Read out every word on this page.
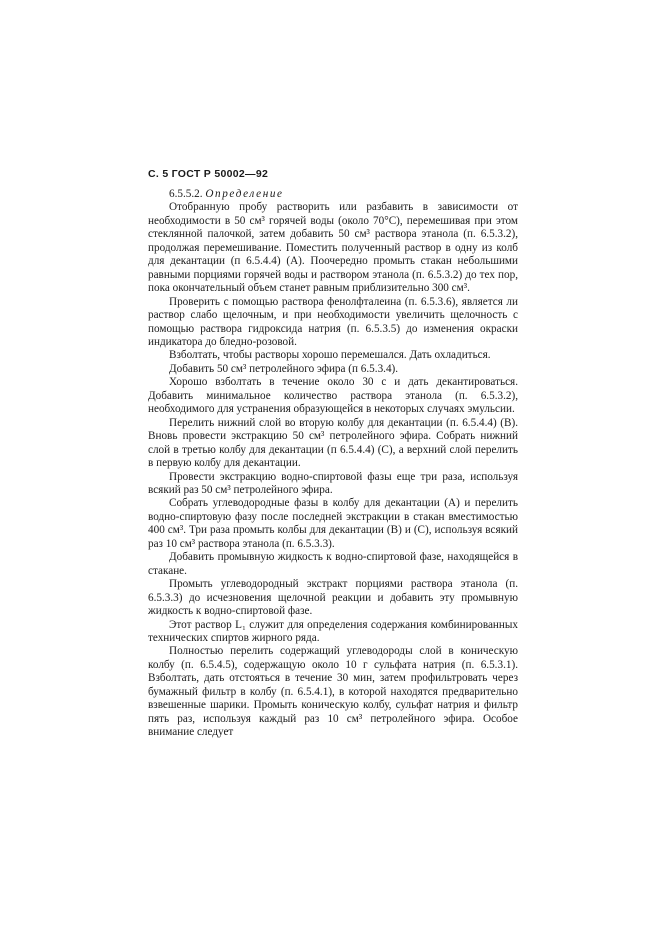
С. 5 ГОСТ Р 50002—92

6.5.5.2. Определение

Отобранную пробу растворить или разбавить в зависимости от необходимости в 50 см³ горячей воды (около 70°С), перемешивая при этом стеклянной палочкой, затем добавить 50 см³ раствора этанола (п. 6.5.3.2), продолжая перемешивание. Поместить полученный раствор в одну из колб для декантации (п 6.5.4.4) (А). Поочередно промыть стакан небольшими равными порциями горячей воды и раствором этанола (п. 6.5.3.2) до тех пор, пока окончательный объем станет равным приблизительно 300 см³.

Проверить с помощью раствора фенолфталеина (п. 6.5.3.6), является ли раствор слабо щелочным, и при необходимости увеличить щелочность с помощью раствора гидроксида натрия (п. 6.5.3.5) до изменения окраски индикатора до бледно-розовой.

Взболтать, чтобы растворы хорошо перемешался. Дать охладиться.

Добавить 50 см³ петролейного эфира (п 6.5.3.4).

Хорошо взболтать в течение около 30 с и дать декантироваться. Добавить минимальное количество раствора этанола (п. 6.5.3.2), необходимого для устранения образующейся в некоторых случаях эмульсии.

Перелить нижний слой во вторую колбу для декантации (п. 6.5.4.4) (В). Вновь провести экстракцию 50 см³ петролейного эфира. Собрать нижний слой в третью колбу для декантации (п 6.5.4.4) (С), а верхний слой перелить в первую колбу для декантации.

Провести экстракцию водно-спиртовой фазы еще три раза, используя всякий раз 50 см³ петролейного эфира.

Собрать углеводородные фазы в колбу для декантации (А) и перелить водно-спиртовую фазу после последней экстракции в стакан вместимостью 400 см³. Три раза промыть колбы для декантации (В) и (С), используя всякий раз 10 см³ раствора этанола (п. 6.5.3.3).

Добавить промывную жидкость к водно-спиртовой фазе, находящейся в стакане.

Промыть углеводородный экстракт порциями раствора этанола (п. 6.5.3.3) до исчезновения щелочной реакции и добавить эту промывную жидкость к водно-спиртовой фазе.

Этот раствор L₁ служит для определения содержания комбинированных технических спиртов жирного ряда.

Полностью перелить содержащий углеводороды слой в коническую колбу (п. 6.5.4.5), содержащую около 10 г сульфата натрия (п. 6.5.3.1). Взболтать, дать отстояться в течение 30 мин, затем профильтровать через бумажный фильтр в колбу (п. 6.5.4.1), в которой находятся предварительно взвешенные шарики. Промыть коническую колбу, сульфат натрия и фильтр пять раз, используя каждый раз 10 см³ петролейного эфира. Особое внимание следует
